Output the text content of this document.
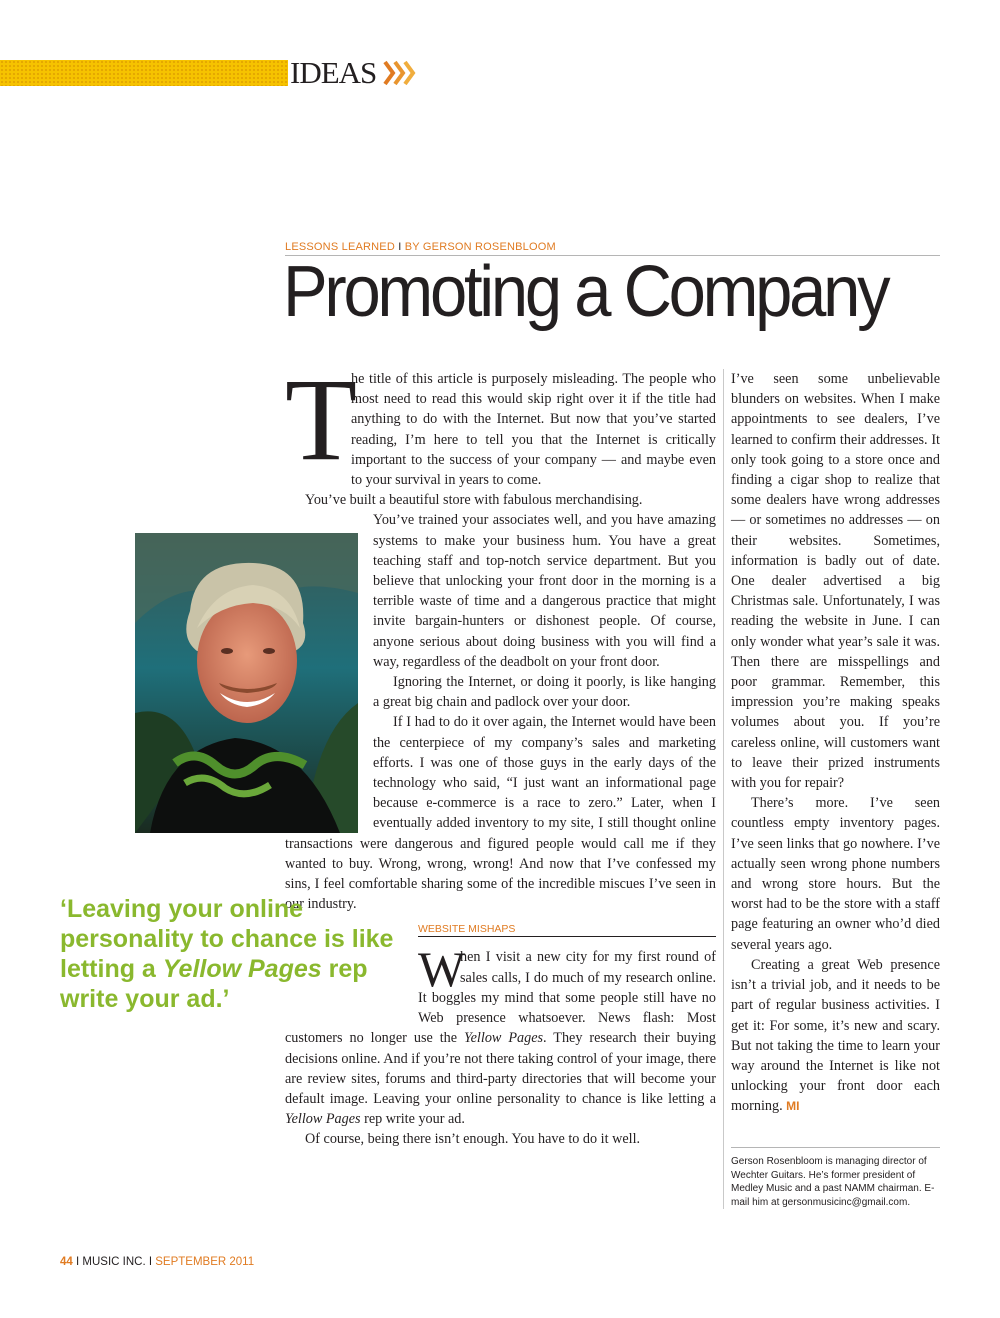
IDEAS
LESSONS LEARNED I BY GERSON ROSENBLOOM
Promoting a Company
T

he title of this article is purposely misleading. The people who most need to read this would skip right over it if the title had anything to do with the Internet. But now that you’ve started reading, I’m here to tell you that the Internet is critically important to the success of your company — and maybe even to your survival in years to come.

You’ve built a beautiful store with fabulous merchandising.

You’ve trained your associates well, and you have amazing systems to make your business hum. You have a great teaching staff and top-notch service department. But you believe that unlocking your front door in the morning is a terrible waste of time and a dangerous practice that might invite bargain-hunters or dishonest people. Of course, anyone serious about doing business with you will find a way, regardless of the deadbolt on your front door.

Ignoring the Internet, or doing it poorly, is like hanging a great big chain and padlock over your door.

If I had to do it over again, the Internet would have been the centerpiece of my company’s sales and marketing efforts. I was one of those guys in the early days of the technology who said, “I just want an informational page because e-commerce is a race to zero.” Later, when I eventually added inventory to my site, I still thought online transactions were dangerous and figured people would call me if they wanted to buy. Wrong, wrong, wrong! And now that I’ve confessed my sins, I feel comfortable sharing some of the incredible miscues I’ve seen in our industry.

WEBSITE MISHAPS

W
hen I visit a new city for my first round of sales calls, I do much of my research online. It boggles my mind that some people still have no Web presence whatsoever. News flash: Most customers no longer use the Yellow Pages. They research their buying decisions online. And if you’re not there taking control of your image, there are review sites, forums and third-party directories that will become your default image. Leaving your online personality to chance is like letting a Yellow Pages rep write your ad.

Of course, being there isn’t enough. You have to do it well.

I’ve seen some unbelievable blunders on websites. When I make appointments to see dealers, I’ve learned to confirm their addresses. It only took going to a store once and finding a cigar shop to realize that some dealers have wrong addresses — or sometimes no addresses — on their websites. Sometimes, information is badly out of date. One dealer advertised a big Christmas sale. Unfortunately, I was reading the website in June. I can only wonder what year’s sale it was. Then there are misspellings and poor grammar. Remember, this impression you’re making speaks volumes about you. If you’re careless online, will customers want to leave their prized instruments with you for repair?

There’s more. I’ve seen countless empty inventory pages. I’ve seen links that go nowhere. I’ve actually seen wrong phone numbers and wrong store hours. But the worst had to be the store with a staff page featuring an owner who’d died several years ago.

Creating a great Web presence isn’t a trivial job, and it needs to be part of regular business activities. I get it: For some, it’s new and scary. But not taking the time to learn your way around the Internet is like not unlocking your front door each morning. MI

‘Leaving your online personality to chance is like letting a Yellow Pages rep write your ad.’

Gerson Rosenbloom is managing director of Wechter Guitars. He’s former president of Medley Music and a past NAMM chairman. E-mail him at gersonmusicinc@gmail.com.
44 I MUSIC INC. I SEPTEMBER 2011
